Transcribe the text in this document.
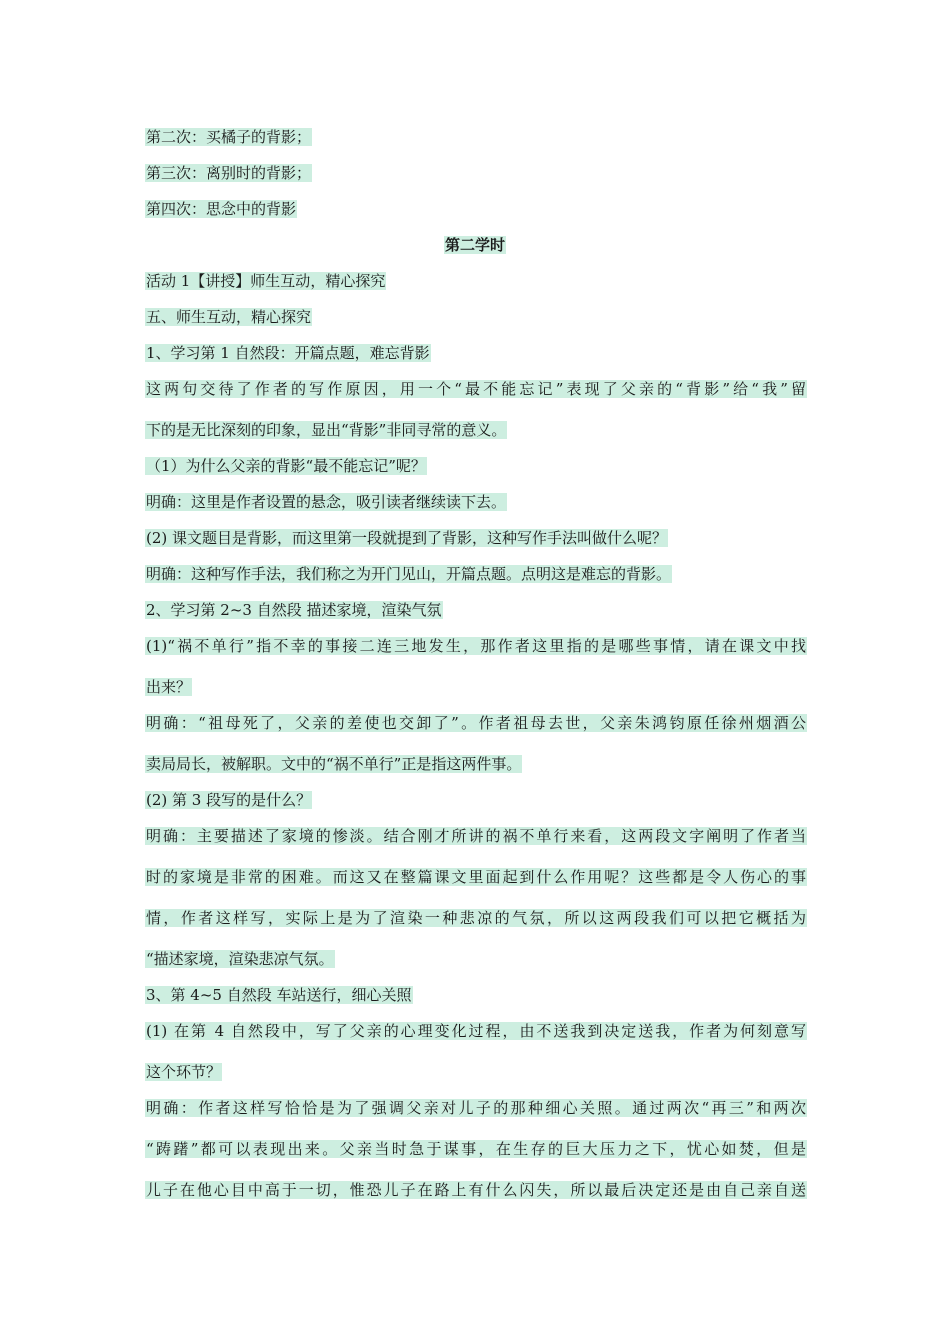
第二次：买橘子的背影；
第三次：离别时的背影；
第四次：思念中的背影
第二学时
活动 1【讲授】师生互动，精心探究
五、师生互动，精心探究
1、学习第 1 自然段：开篇点题，难忘背影
这两句交待了作者的写作原因，用一个“最不能忘记”表现了父亲的“背影”给“我”留
下的是无比深刻的印象，显出“背影”非同寻常的意义。
（1）为什么父亲的背影“最不能忘记”呢？
明确：这里是作者设置的悬念，吸引读者继续读下去。
(2) 课文题目是背影，而这里第一段就提到了背影，这种写作手法叫做什么呢？
明确：这种写作手法，我们称之为开门见山，开篇点题。点明这是难忘的背影。
2、学习第 2~3 自然段 描述家境，渲染气氛
(1)“祸不单行”指不幸的事接二连三地发生，那作者这里指的是哪些事情，请在课文中找
出来？
明确：“祖母死了，父亲的差使也交卸了”。作者祖母去世，父亲朱鸿钧原任徐州烟酒公
卖局局长，被解职。文中的“祸不单行”正是指这两件事。
(2) 第 3 段写的是什么？
明确：主要描述了家境的惨淡。结合刚才所讲的祸不单行来看，这两段文字阐明了作者当
时的家境是非常的困难。而这又在整篇课文里面起到什么作用呢？这些都是令人伤心的事
情，作者这样写，实际上是为了渲染一种悲凉的气氛，所以这两段我们可以把它概括为
“描述家境，渲染悲凉气氛。
3、第 4~5 自然段 车站送行，细心关照
(1) 在第 4 自然段中，写了父亲的心理变化过程，由不送我到决定送我，作者为何刻意写
这个环节？
明确：作者这样写恰恰是为了强调父亲对儿子的那种细心关照。通过两次“再三”和两次
“踌躇”都可以表现出来。父亲当时急于谋事，在生存的巨大压力之下，忧心如焚，但是
儿子在他心目中高于一切，惟恐儿子在路上有什么闪失，所以最后决定还是由自己亲自送
